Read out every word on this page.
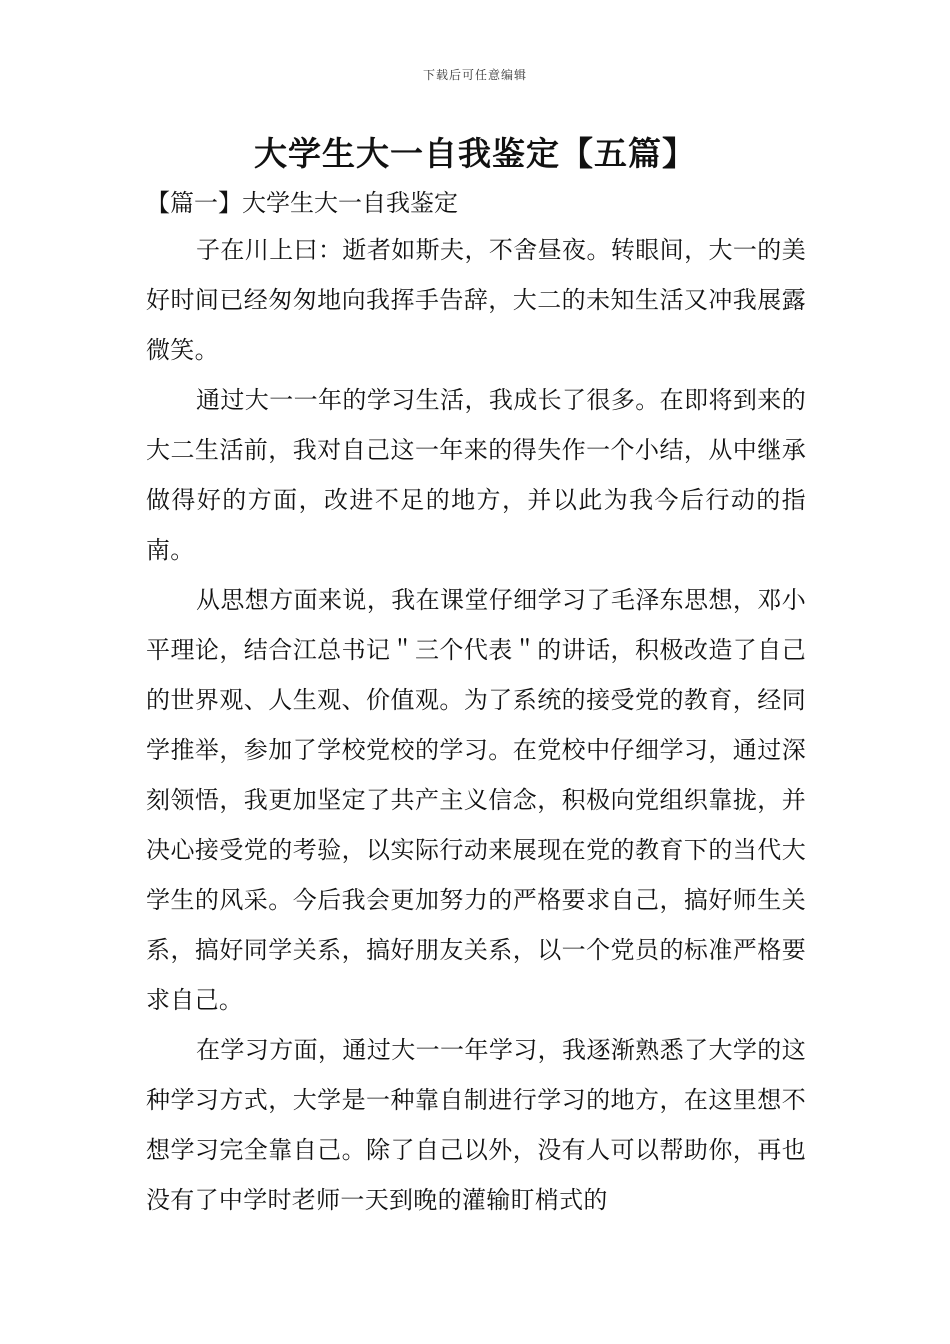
下载后可任意编辑
大学生大一自我鉴定【五篇】
【篇一】大学生大一自我鉴定

子在川上曰：逝者如斯夫，不舍昼夜。转眼间，大一的美好时间已经匆匆地向我挥手告辞，大二的未知生活又冲我展露微笑。

通过大一一年的学习生活，我成长了很多。在即将到来的大二生活前，我对自己这一年来的得失作一个小结，从中继承做得好的方面，改进不足的地方，并以此为我今后行动的指南。

从思想方面来说，我在课堂仔细学习了毛泽东思想，邓小平理论，结合江总书记＂三个代表＂的讲话，积极改造了自己的世界观、人生观、价值观。为了系统的接受党的教育，经同学推举，参加了学校党校的学习。在党校中仔细学习，通过深刻领悟，我更加坚定了共产主义信念，积极向党组织靠拢，并决心接受党的考验，以实际行动来展现在党的教育下的当代大学生的风采。今后我会更加努力的严格要求自己，搞好师生关系，搞好同学关系，搞好朋友关系，以一个党员的标准严格要求自己。

在学习方面，通过大一一年学习，我逐渐熟悉了大学的这种学习方式，大学是一种靠自制进行学习的地方，在这里想不想学习完全靠自己。除了自己以外，没有人可以帮助你，再也没有了中学时老师一天到晚的灌输盯梢式的
